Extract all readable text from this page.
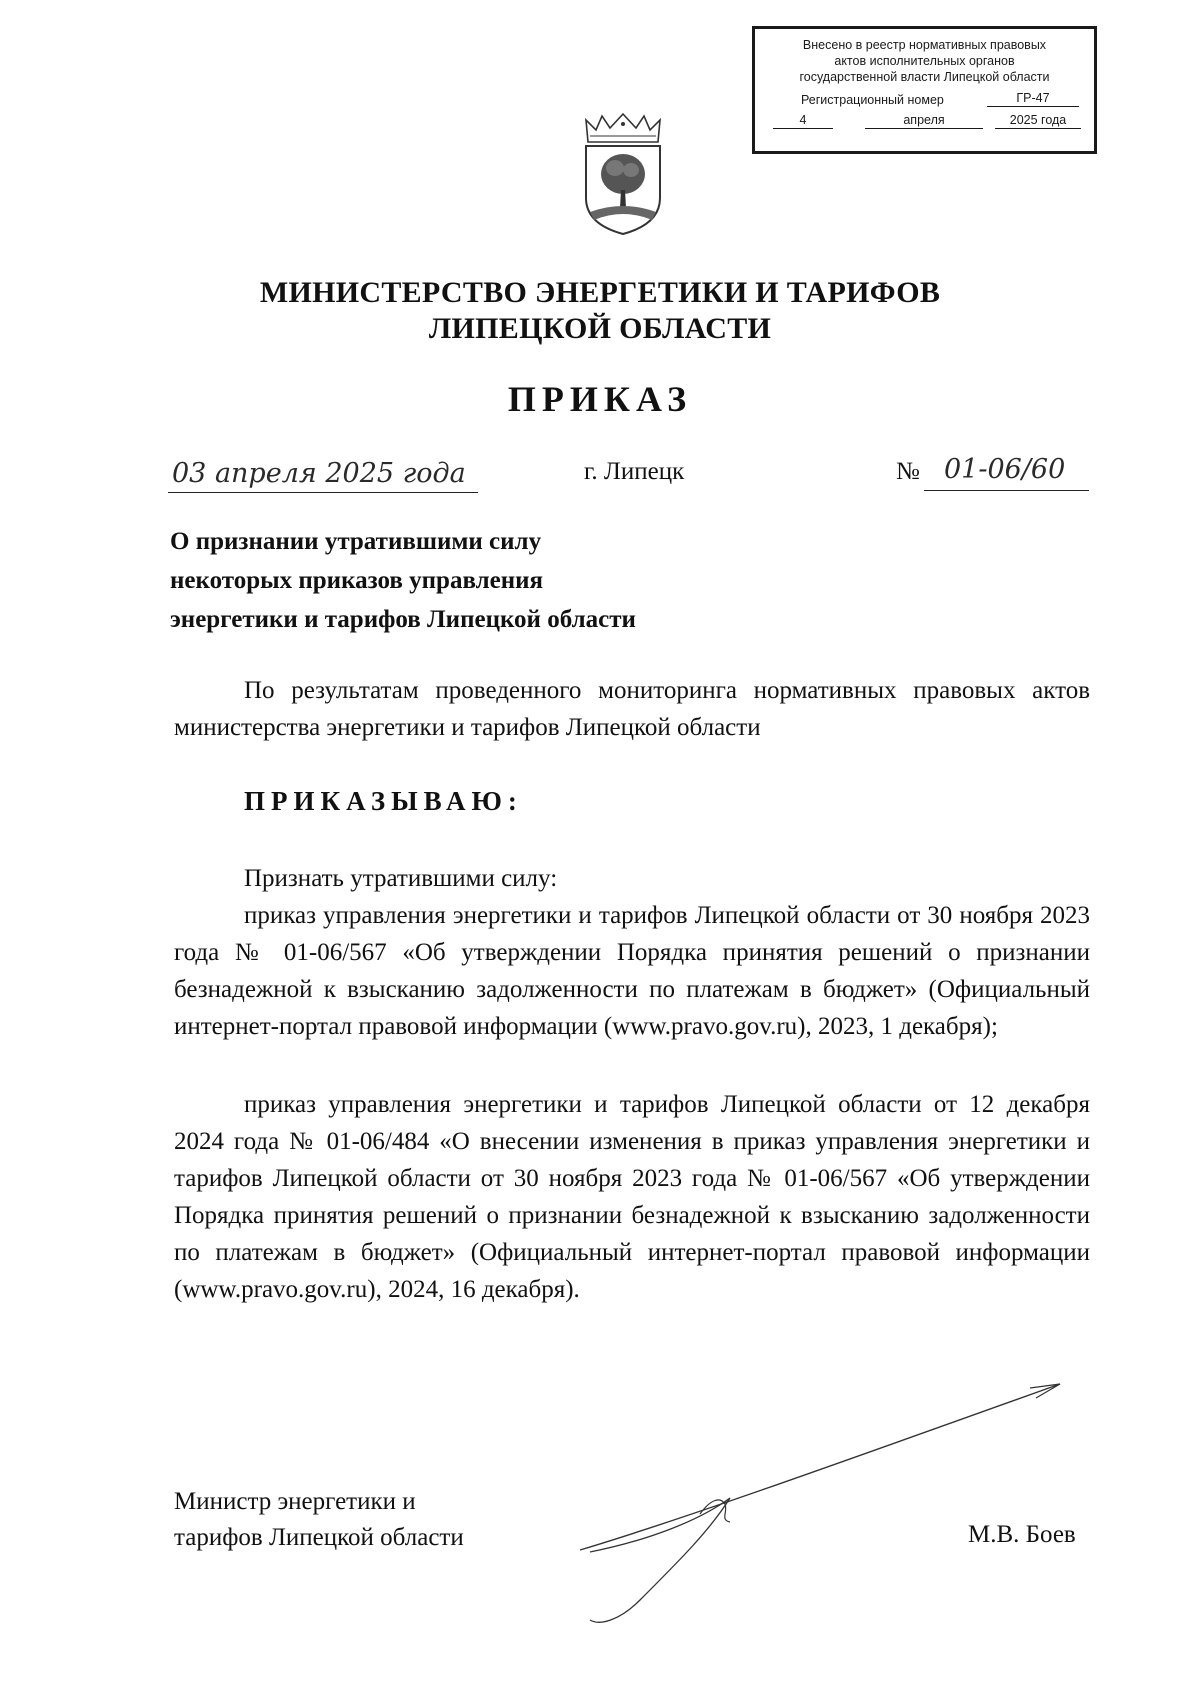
Внесено в реестр нормативных правовых
актов исполнительных органов
государственной власти Липецкой области
Регистрационный номер	ГР-47
4	апреля	2025 года
МИНИСТЕРСТВО ЭНЕРГЕТИКИ И ТАРИФОВ
ЛИПЕЦКОЙ ОБЛАСТИ
ПРИКАЗ
03 апреля 2025 года	г. Липецк	№ 01-06/60
О признании утратившими силу
некоторых приказов управления
энергетики и тарифов Липецкой области
По результатам проведенного мониторинга нормативных правовых актов министерства энергетики и тарифов Липецкой области
ПРИКАЗЫВАЮ:
Признать утратившими силу:
приказ управления энергетики и тарифов Липецкой области от 30 ноября 2023 года № 01-06/567 «Об утверждении Порядка принятия решений о признании безнадежной к взысканию задолженности по платежам в бюджет» (Официальный интернет-портал правовой информации (www.pravo.gov.ru), 2023, 1 декабря);
приказ управления энергетики и тарифов Липецкой области от 12 декабря 2024 года № 01-06/484 «О внесении изменения в приказ управления энергетики и тарифов Липецкой области от 30 ноября 2023 года № 01-06/567 «Об утверждении Порядка принятия решений о признании безнадежной к взысканию задолженности по платежам в бюджет» (Официальный интернет-портал правовой информации (www.pravo.gov.ru), 2024, 16 декабря).
Министр энергетики и
тарифов Липецкой области	М.В. Боев
